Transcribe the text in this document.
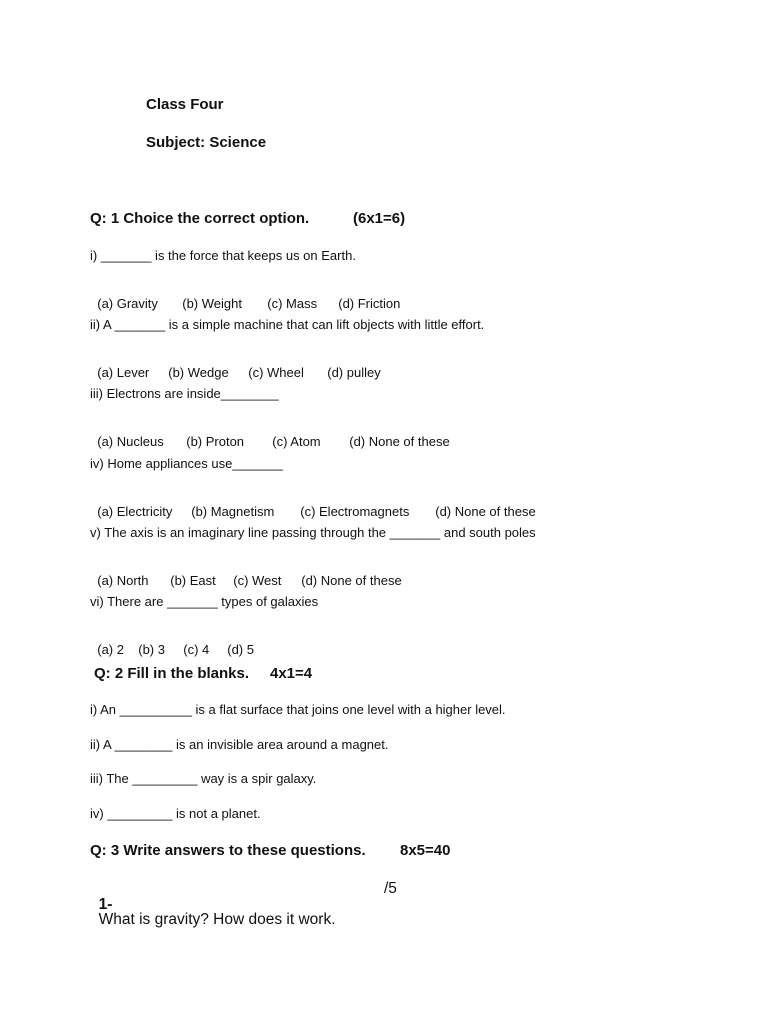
Class Four
Subject: Science
Q: 1 Choice the correct option.	(6x1=6)
i) _______ is the force that keeps us on Earth.

(a) Gravity (b) Weight (c) Mass (d) Friction

ii) A _______ is a simple machine that can lift objects with little effort.

(a) Lever (b) Wedge (c) Wheel (d) pulley

iii) Electrons are inside________

(a) Nucleus (b) Proton (c) Atom (d) None of these

iv) Home appliances use_______

(a) Electricity (b) Magnetism (c) Electromagnets (d) None of these

v) The axis is an imaginary line passing through the _______ and south poles

(a) North (b) East (c) West (d) None of these

vi) There are _______ types of galaxies

(a) 2 (b) 3 (c) 4 (d) 5

Q: 2 Fill in the blanks. 4x1=4
i) An __________ is a flat surface that joins one level with a higher level.
ii) A ________ is an invisible area around a magnet.
iii) The _________ way is a spir galaxy.
iv) _________ is not a planet.
Q: 3 Write answers to these questions. 8x5=40

1-
What is gravity? How does it work.

/5
